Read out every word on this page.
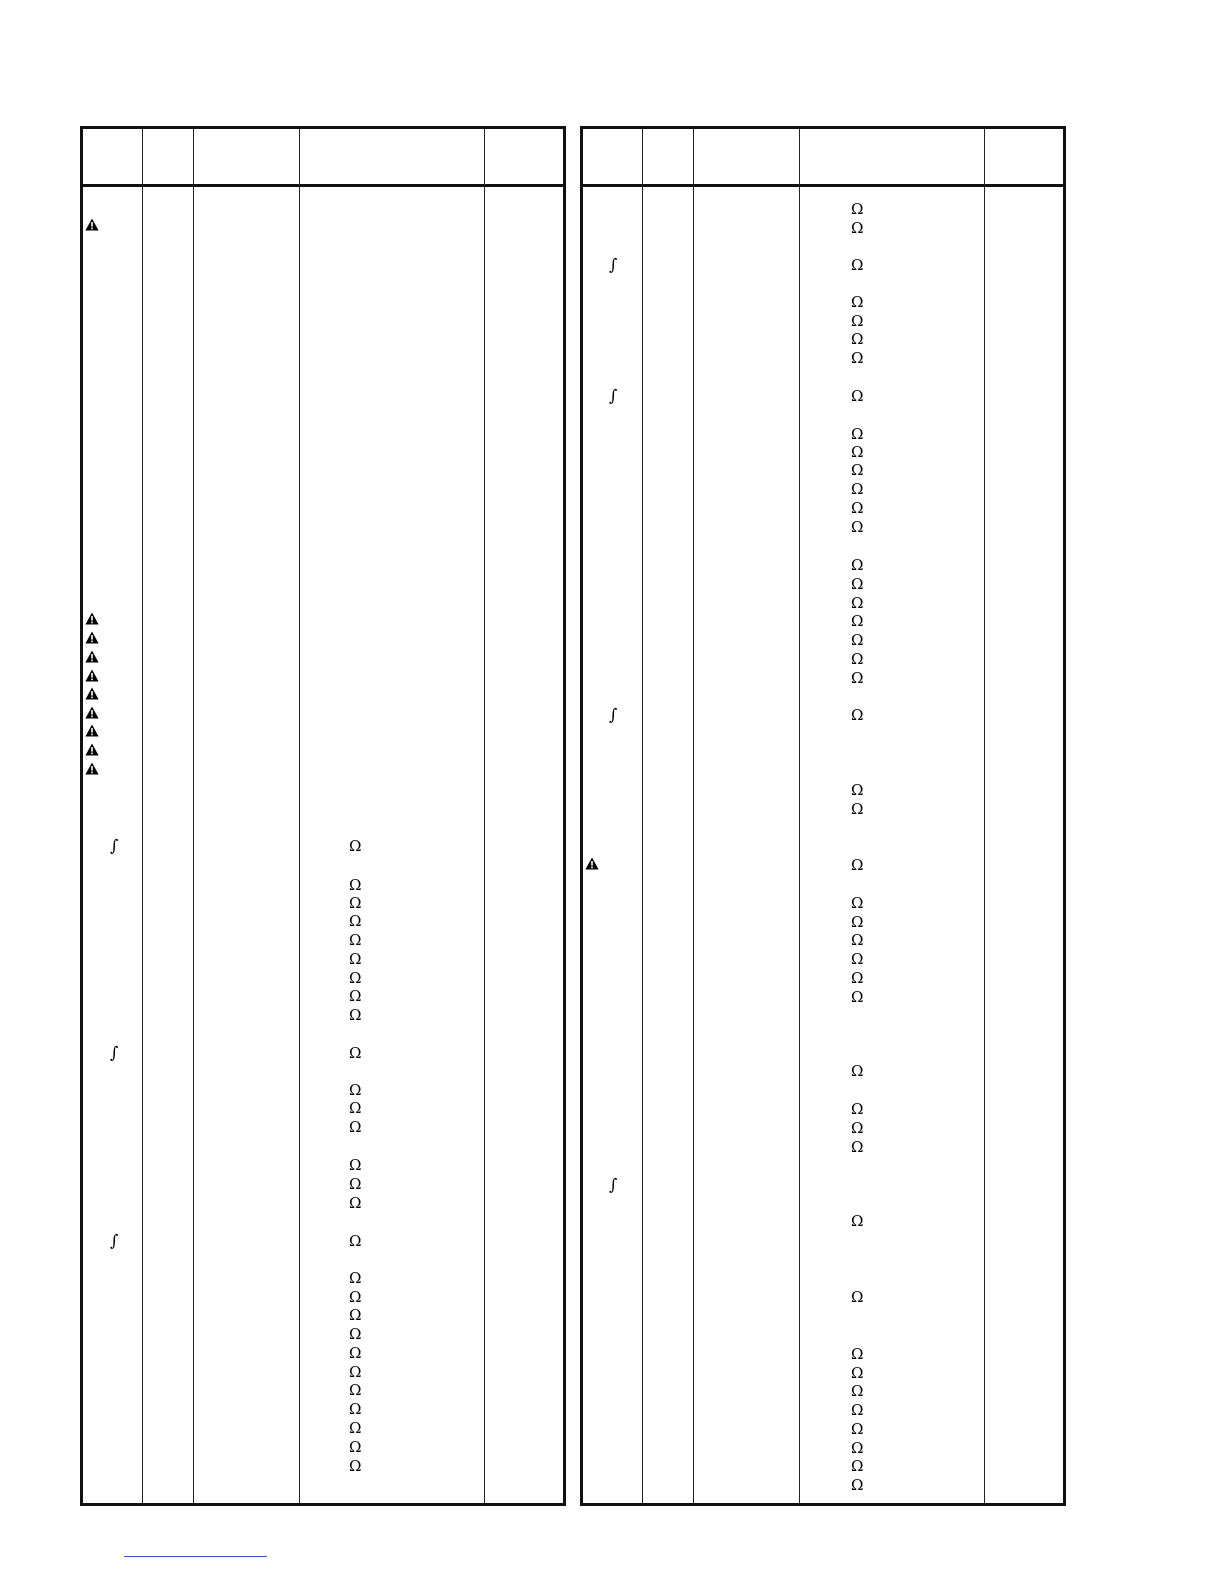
Ω
Ω
Ω
Ω
Ω
Ω
Ω
Ω
Ω
Ω
Ω
Ω
Ω
Ω
Ω
Ω
Ω
Ω
Ω
Ω
Ω
Ω
Ω
Ω
Ω
Ω
Ω
Ω
∫
∫
∫
Ω
Ω
Ω
Ω
Ω
Ω
Ω
Ω
Ω
Ω
Ω
Ω
Ω
Ω
Ω
Ω
Ω
Ω
Ω
Ω
Ω
Ω
Ω
Ω
Ω
Ω
Ω
Ω
Ω
Ω
Ω
Ω
Ω
Ω
Ω
Ω
Ω
Ω
Ω
Ω
Ω
Ω
Ω
Ω
Ω
∫
∫
∫
∫
